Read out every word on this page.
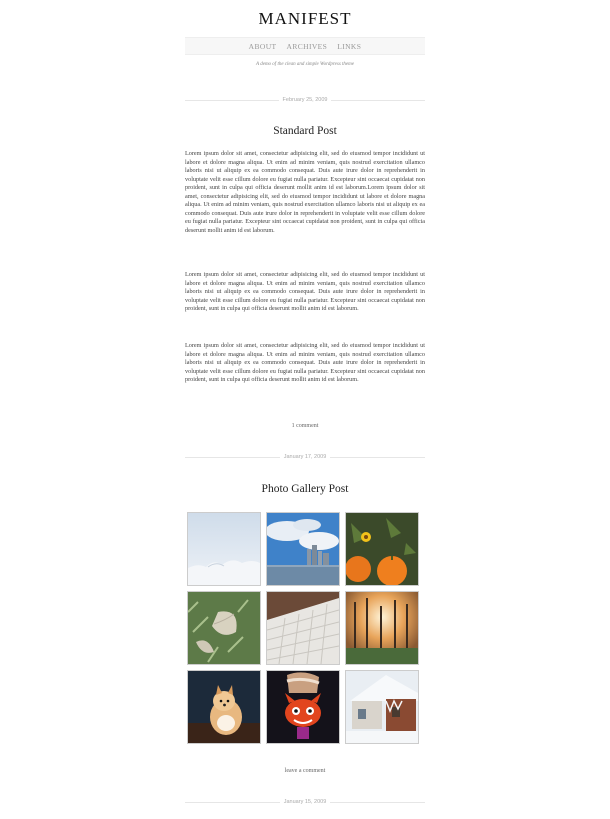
MANIFEST
ABOUT ARCHIVES LINKS
A demo of the clean and simple Wordpress theme
February 25, 2009
Standard Post

Lorem ipsum dolor sit amet, consectetur adipisicing elit, sed do eiusmod tempor incididunt ut labore et dolore magna aliqua. Ut enim ad minim veniam, quis nostrud exercitation ullamco laboris nisi ut aliquip ex ea commodo consequat. Duis aute irure dolor in reprehenderit in voluptate velit esse cillum dolore eu fugiat nulla pariatur. Excepteur sint occaecat cupidatat non proident, sunt in culpa qui officia deserunt mollit anim id est laborum.Lorem ipsum dolor sit amet, consectetur adipisicing elit, sed do eiusmod tempor incididunt ut labore et dolore magna aliqua. Ut enim ad minim veniam, quis nostrud exercitation ullamco laboris nisi ut aliquip ex ea commodo consequat. Duis aute irure dolor in reprehenderit in voluptate velit esse cillum dolore eu fugiat nulla pariatur. Excepteur sint occaecat cupidatat non proident, sunt in culpa qui officia deserunt mollit anim id est laborum.

Lorem ipsum dolor sit amet, consectetur adipisicing elit, sed do eiusmod tempor incididunt ut labore et dolore magna aliqua. Ut enim ad minim veniam, quis nostrud exercitation ullamco laboris nisi ut aliquip ex ea commodo consequat. Duis aute irure dolor in reprehenderit in voluptate velit esse cillum dolore eu fugiat nulla pariatur. Excepteur sint occaecat cupidatat non proident, sunt in culpa qui officia deserunt mollit anim id est laborum.

Lorem ipsum dolor sit amet, consectetur adipisicing elit, sed do eiusmod tempor incididunt ut labore et dolore magna aliqua. Ut enim ad minim veniam, quis nostrud exercitation ullamco laboris nisi ut aliquip ex ea commodo consequat. Duis aute irure dolor in reprehenderit in voluptate velit esse cillum dolore eu fugiat nulla pariatur. Excepteur sint occaecat cupidatat non proident, sunt in culpa qui officia deserunt mollit anim id est laborum.

1 comment
January 17, 2009
Photo Gallery Post
leave a comment
January 15, 2009
